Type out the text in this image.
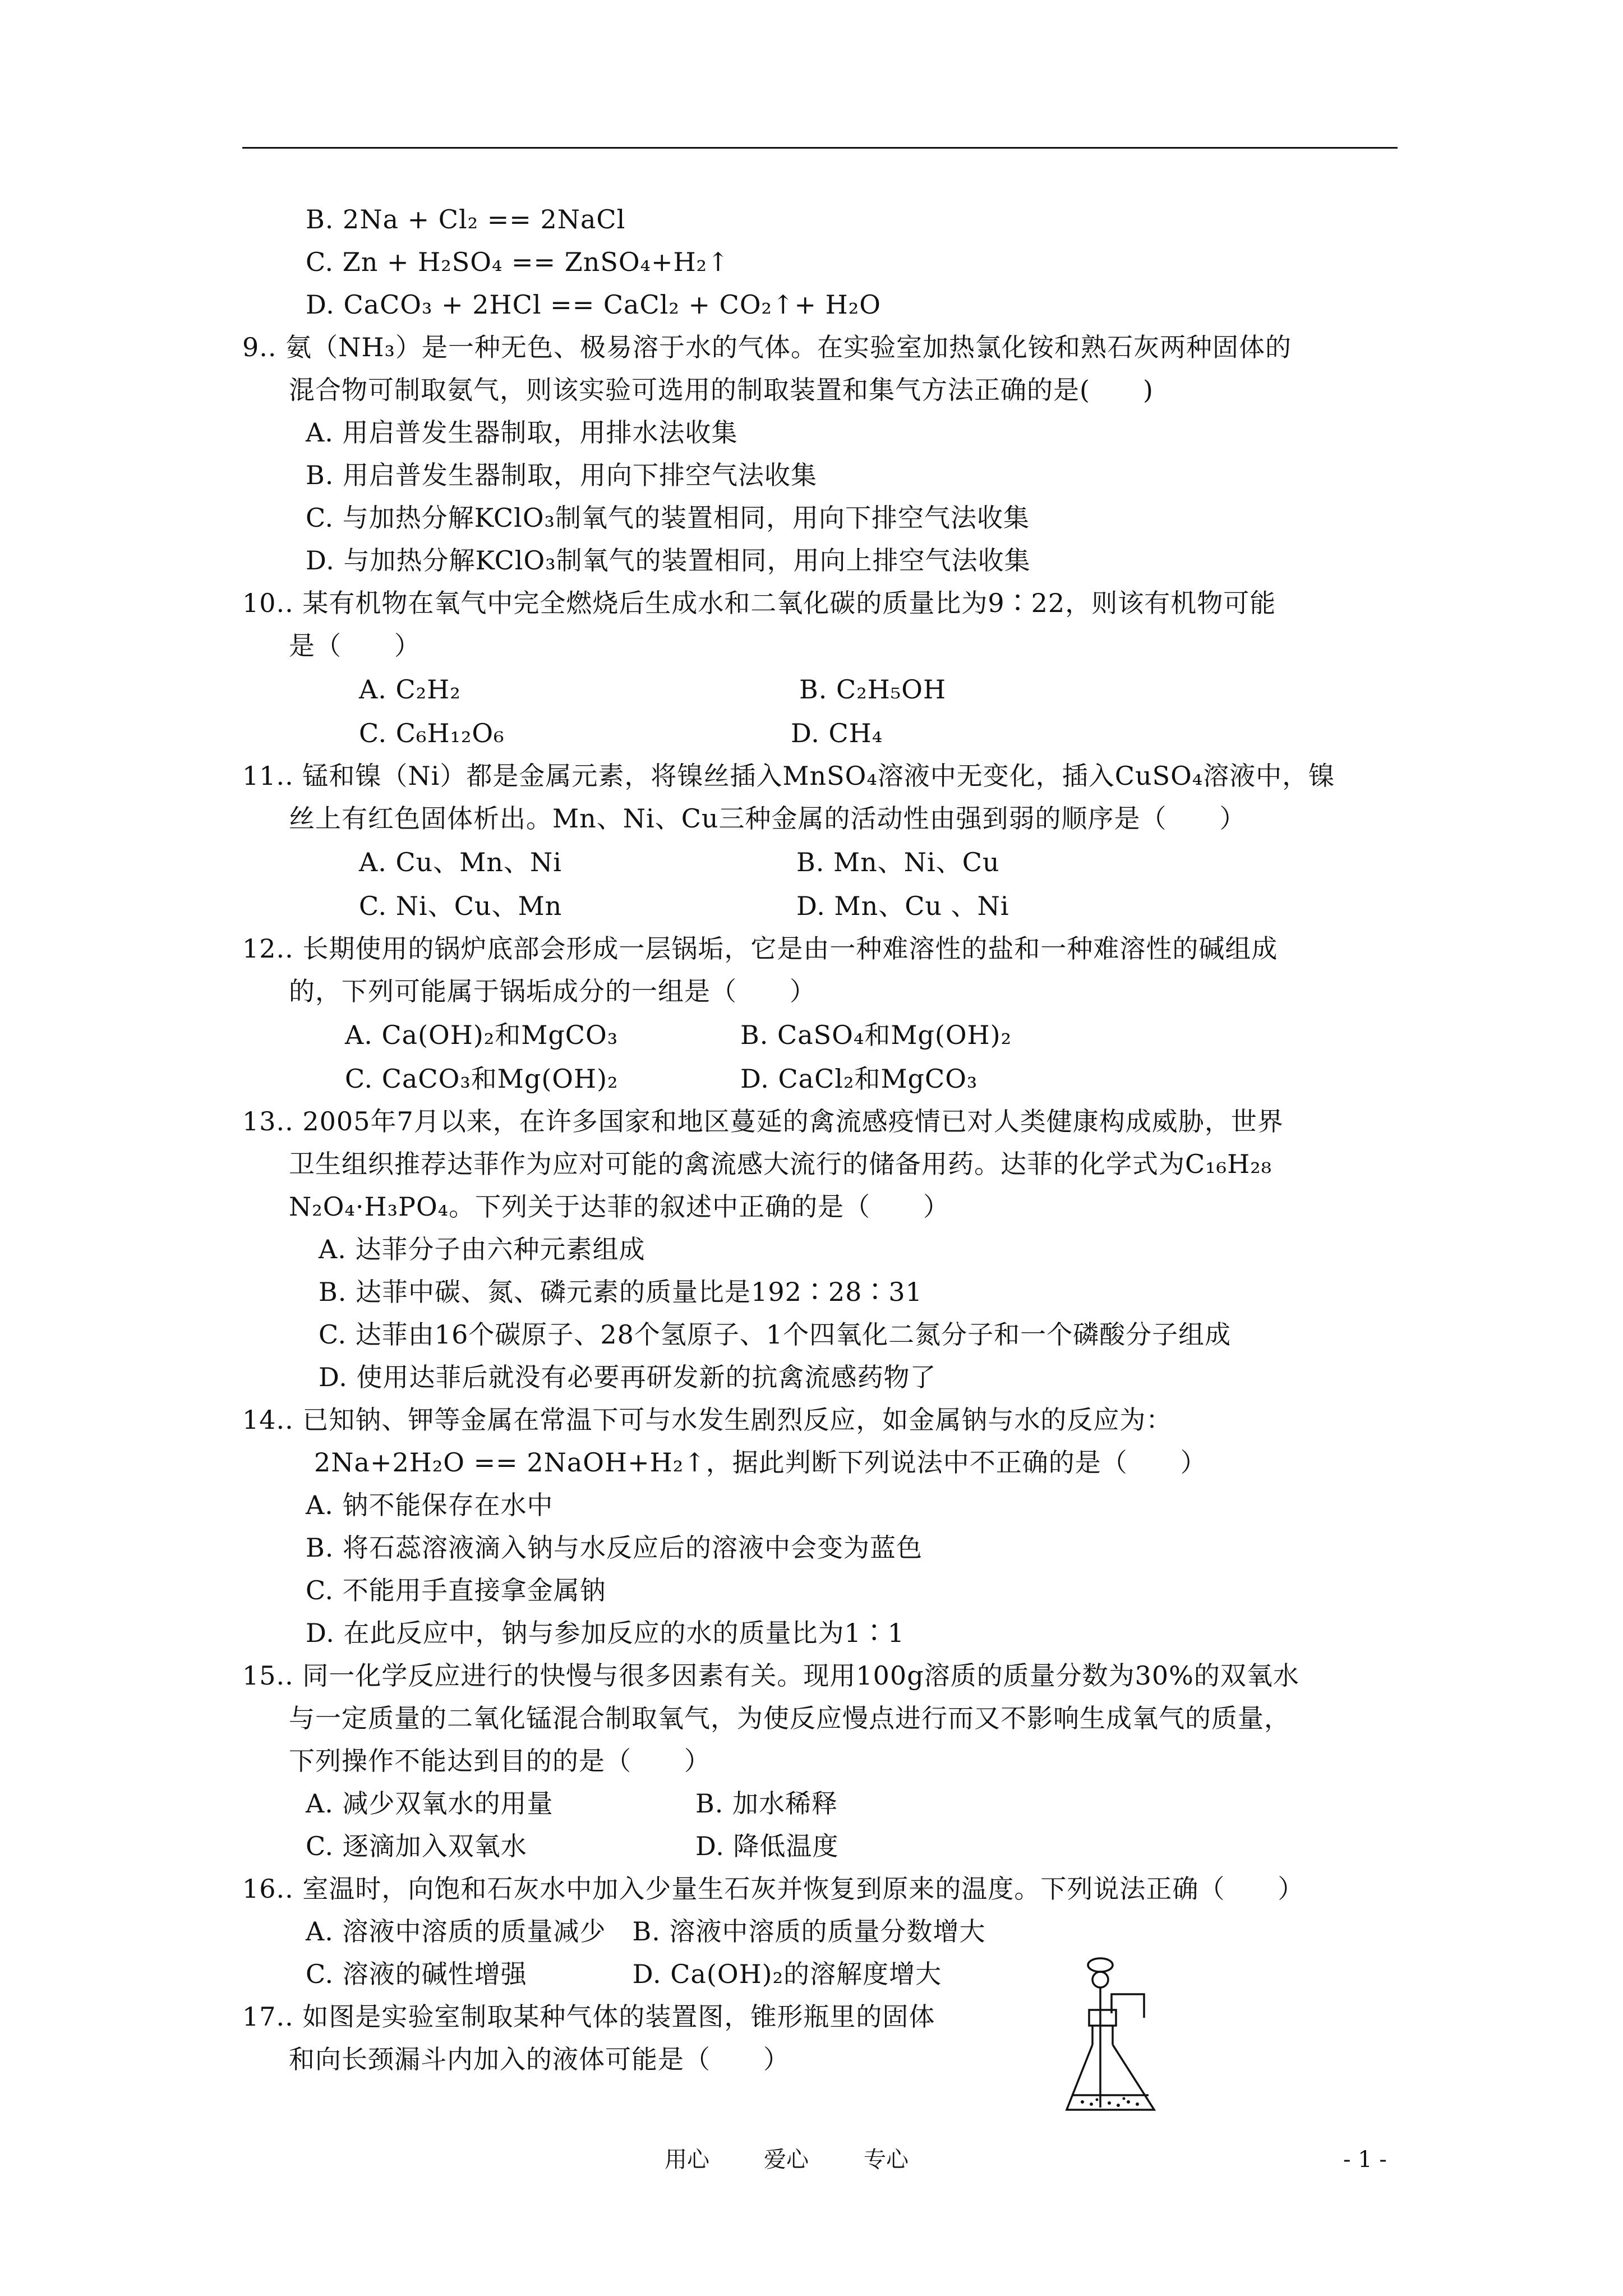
B. 2Na + Cl₂ == 2NaCl
C. Zn + H₂SO₄ == ZnSO₄+H₂↑
D. CaCO₃ + 2HCl == CaCl₂ + CO₂↑+ H₂O
9.. 氨（NH₃）是一种无色、极易溶于水的气体。在实验室加热氯化铵和熟石灰两种固体的
混合物可制取氨气，则该实验可选用的制取装置和集气方法正确的是(　　)
A. 用启普发生器制取，用排水法收集
B. 用启普发生器制取，用向下排空气法收集
C. 与加热分解KClO₃制氧气的装置相同，用向下排空气法收集
D. 与加热分解KClO₃制氧气的装置相同，用向上排空气法收集
10.. 某有机物在氧气中完全燃烧后生成水和二氧化碳的质量比为9∶22，则该有机物可能
是（　　）
A. C₂H₂	B. C₂H₅OH
C. C₆H₁₂O₆	D. CH₄
11.. 锰和镍（Ni）都是金属元素，将镍丝插入MnSO₄溶液中无变化，插入CuSO₄溶液中，镍
丝上有红色固体析出。Mn、Ni、Cu三种金属的活动性由强到弱的顺序是（　　）
A. Cu、Mn、Ni	B. Mn、Ni、Cu
C. Ni、Cu、Mn	D. Mn、Cu 、Ni
12.. 长期使用的锅炉底部会形成一层锅垢，它是由一种难溶性的盐和一种难溶性的碱组成
的，下列可能属于锅垢成分的一组是（　　）
A. Ca(OH)₂和MgCO₃	B. CaSO₄和Mg(OH)₂
C. CaCO₃和Mg(OH)₂	D. CaCl₂和MgCO₃
13.. 2005年7月以来，在许多国家和地区蔓延的禽流感疫情已对人类健康构成威胁，世界
卫生组织推荐达菲作为应对可能的禽流感大流行的储备用药。达菲的化学式为C₁₆H₂₈
N₂O₄·H₃PO₄。下列关于达菲的叙述中正确的是（　　）
A. 达菲分子由六种元素组成
B. 达菲中碳、氮、磷元素的质量比是192∶28∶31
C. 达菲由16个碳原子、28个氢原子、1个四氧化二氮分子和一个磷酸分子组成
D. 使用达菲后就没有必要再研发新的抗禽流感药物了
14.. 已知钠、钾等金属在常温下可与水发生剧烈反应，如金属钠与水的反应为：
2Na+2H₂O == 2NaOH+H₂↑，据此判断下列说法中不正确的是（　　）
A. 钠不能保存在水中
B. 将石蕊溶液滴入钠与水反应后的溶液中会变为蓝色
C. 不能用手直接拿金属钠
D. 在此反应中，钠与参加反应的水的质量比为1∶1
15.. 同一化学反应进行的快慢与很多因素有关。现用100g溶质的质量分数为30%的双氧水
与一定质量的二氧化锰混合制取氧气，为使反应慢点进行而又不影响生成氧气的质量，
下列操作不能达到目的的是（　　）
A. 减少双氧水的用量	B. 加水稀释
C. 逐滴加入双氧水	D. 降低温度
16.. 室温时，向饱和石灰水中加入少量生石灰并恢复到原来的温度。下列说法正确（　　）
A. 溶液中溶质的质量减少　B. 溶液中溶质的质量分数增大
C. 溶液的碱性增强　　　　D. Ca(OH)₂的溶解度增大
17.. 如图是实验室制取某种气体的装置图，锥形瓶里的固体
和向长颈漏斗内加入的液体可能是（　　）
用心 爱心 专心	- 1 -
